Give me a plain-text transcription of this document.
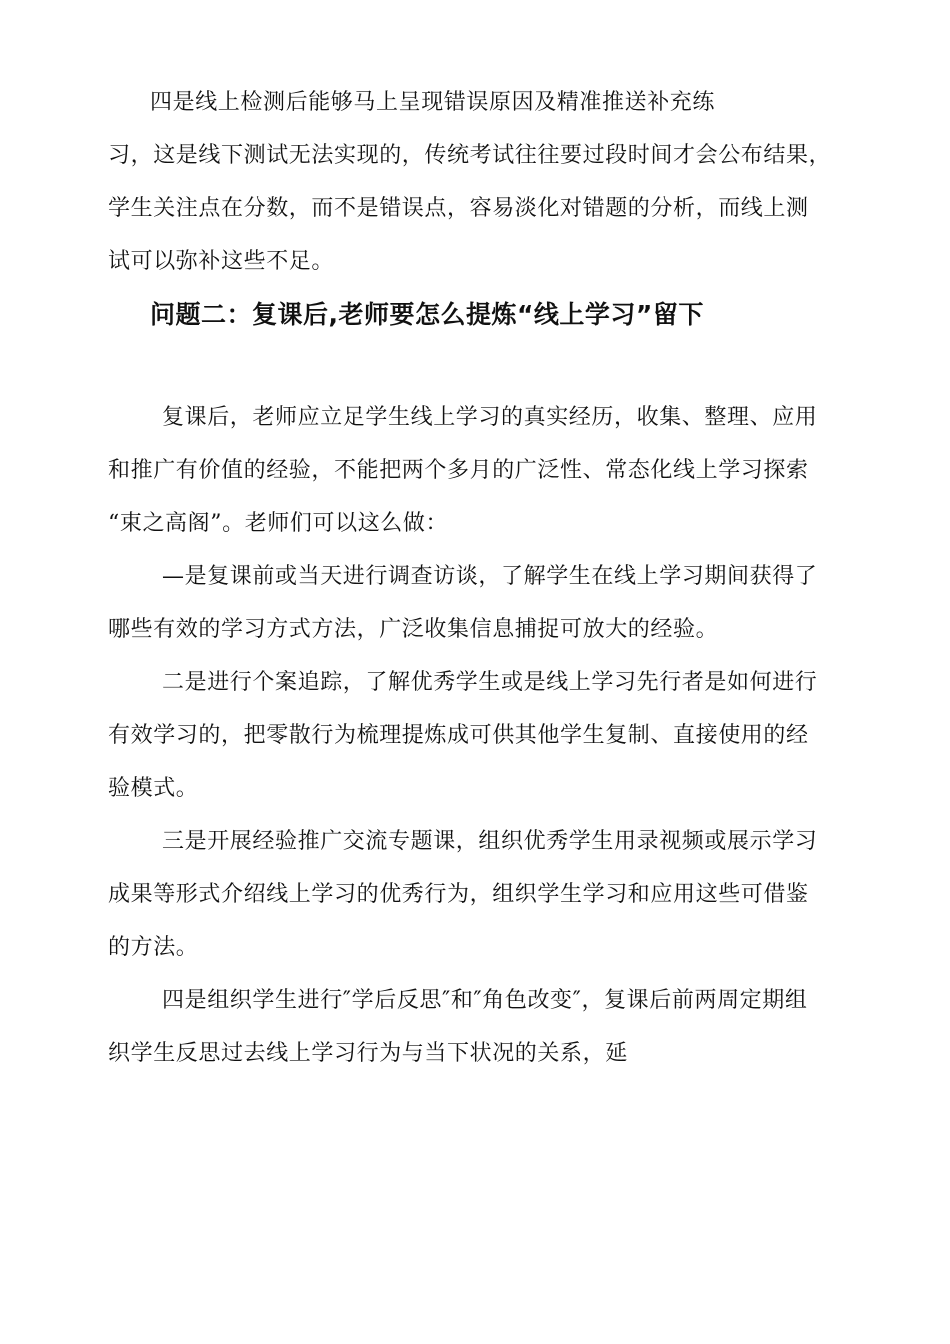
四是线上检测后能够马上呈现错误原因及精准推送补充练
习，这是线下测试无法实现的，传统考试往往要过段时间才会公布结果，
学生关注点在分数，而不是错误点，容易淡化对错题的分析，而线上测
试可以弥补这些不足。
问题二：复课后,老师要怎么提炼“线上学习”留下
复课后，老师应立足学生线上学习的真实经历，收集、整理、应用
和推广有价值的经验，不能把两个多月的广泛性、常态化线上学习探索
“束之高阁”。老师们可以这么做：
—是复课前或当天进行调查访谈，了解学生在线上学习期间获得了
哪些有效的学习方式方法，广泛收集信息捕捉可放大的经验。
二是进行个案追踪，了解优秀学生或是线上学习先行者是如何进行
有效学习的，把零散行为梳理提炼成可供其他学生复制、直接使用的经
验模式。
三是开展经验推广交流专题课，组织优秀学生用录视频或展示学习
成果等形式介绍线上学习的优秀行为，组织学生学习和应用这些可借鉴
的方法。
四是组织学生进行″学后反思″和″角色改变″，复课后前两周定期组
织学生反思过去线上学习行为与当下状况的关系，延
